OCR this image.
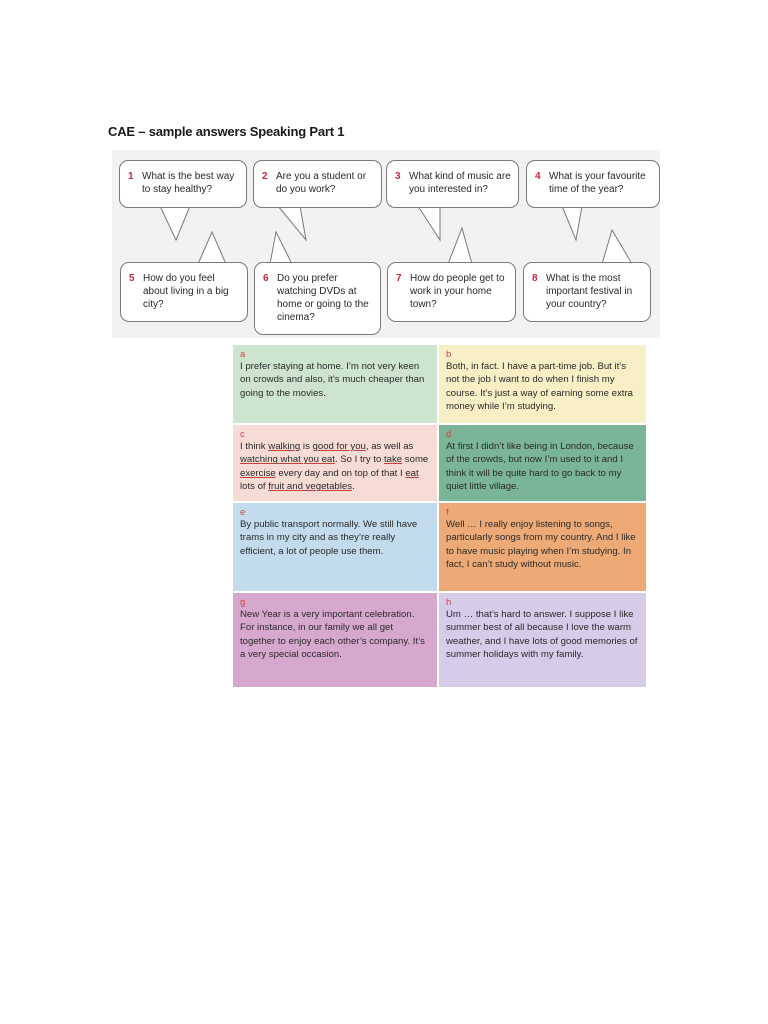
CAE – sample answers Speaking Part 1
1 What is the best way to stay healthy?
2 Are you a student or do you work?
3 What kind of music are you interested in?
4 What is your favourite time of the year?
5 How do you feel about living in a big city?
6 Do you prefer watching DVDs at home or going to the cinema?
7 How do people get to work in your home town?
8 What is the most important festival in your country?
a
I prefer staying at home. I’m not very keen on crowds and also, it’s much cheaper than going to the movies.
b
Both, in fact. I have a part-time job. But it’s not the job I want to do when I finish my course. It’s just a way of earning some extra money while I’m studying.
c
I think walking is good for you, as well as watching what you eat. So I try to take some exercise every day and on top of that I eat lots of fruit and vegetables.
d
At first I didn’t like being in London, because of the crowds, but now I’m used to it and I think it will be quite hard to go back to my quiet little village.
e
By public transport normally. We still have trams in my city and as they’re really efficient, a lot of people use them.
f
Well … I really enjoy listening to songs, particularly songs from my country. And I like to have music playing when I’m studying. In fact, I can’t study without music.
g
New Year is a very important celebration. For instance, in our family we all get together to enjoy each other’s company. It’s a very special occasion.
h
Um … that’s hard to answer. I suppose I like summer best of all because I love the warm weather, and I have lots of good memories of summer holidays with my family.
